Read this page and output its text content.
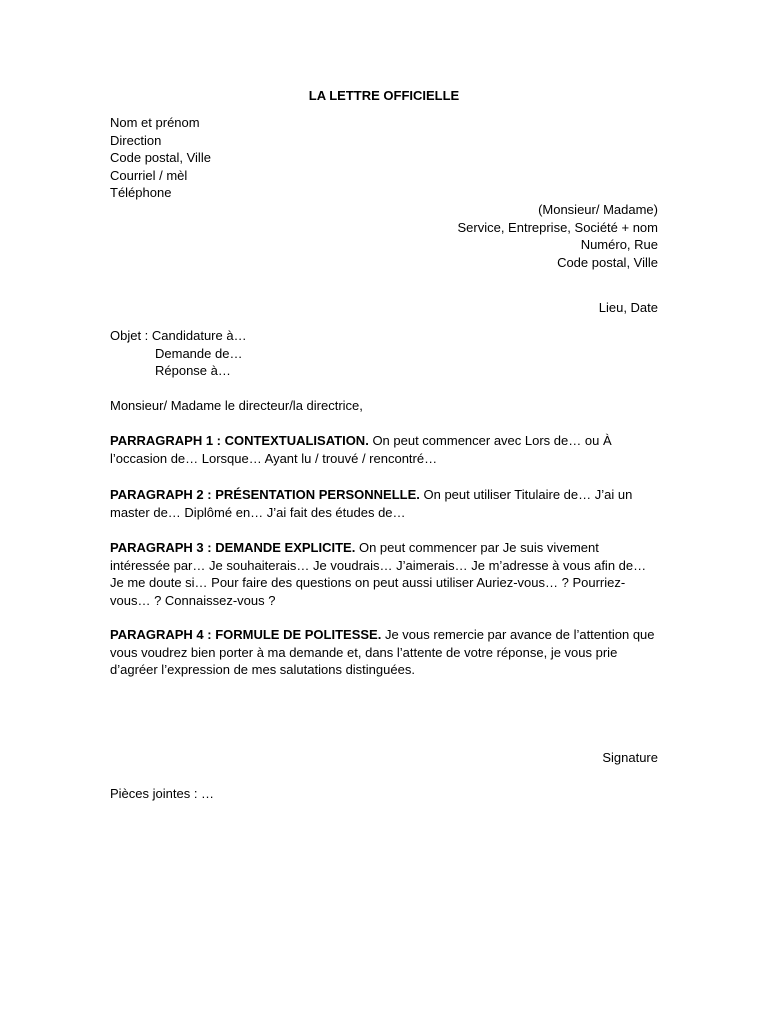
LA LETTRE OFFICIELLE
Nom et prénom
Direction
Code postal, Ville
Courriel / mèl
Téléphone
(Monsieur/ Madame)
Service, Entreprise, Société + nom
Numéro, Rue
Code postal, Ville
Lieu, Date
Objet : Candidature à…
Demande de…
Réponse à…
Monsieur/ Madame le directeur/la directrice,

PARRAGRAPH 1 : CONTEXTUALISATION. On peut commencer avec Lors de… ou À l’occasion de… Lorsque… Ayant lu / trouvé / rencontré…

PARAGRAPH 2 : PRÉSENTATION PERSONNELLE. On peut utiliser Titulaire de… J’ai un master de… Diplômé en… J’ai fait des études de…

PARAGRAPH 3 : DEMANDE EXPLICITE. On peut commencer par Je suis vivement intéressée par… Je souhaiterais… Je voudrais… J’aimerais… Je m’adresse à vous afin de… Je me doute si… Pour faire des questions on peut aussi utiliser Auriez-vous… ? Pourriez-vous… ? Connaissez-vous ?

PARAGRAPH 4 : FORMULE DE POLITESSE. Je vous remercie par avance de l’attention que vous voudrez bien porter à ma demande et, dans l’attente de votre réponse, je vous prie d’agréer l’expression de mes salutations distinguées.

Signature
Pièces jointes : …
